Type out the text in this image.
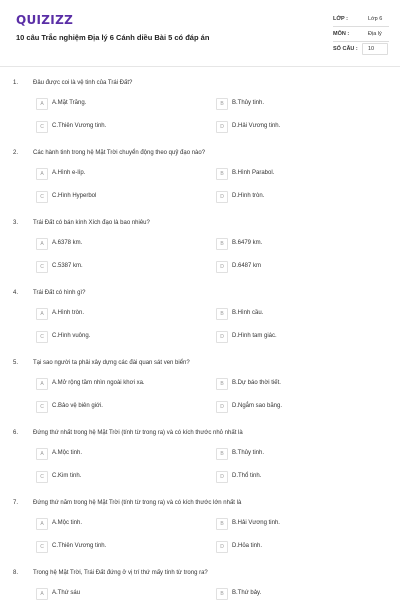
QUIZIZZ
10 câu Trắc nghiệm Địa lý 6 Cánh diều Bài 5 có đáp án
LỚP :	Lớp 6
MÔN :	Địa lý
SỐ CÂU : 10
1. Đâu được coi là vệ tinh của Trái Đất?
A	A.Mặt Trăng.	B	B.Thủy tinh.
C	C.Thiên Vương tinh.	D	D.Hải Vương tinh.
2. Các hành tinh trong hệ Mặt Trời chuyển động theo quỹ đạo nào?
A	A.Hình e-líp.	B	B.Hình Parabol.
C	C.Hình Hyperbol	D	D.Hình tròn.
3. Trái Đất có bán kính Xích đạo là bao nhiêu?
A	A.6378 km.	B	B.6479 km.
C	C.5387 km.	D	D.6487 km
4. Trái Đất có hình gì?
A	A.Hình tròn.	B	B.Hình cầu.
C	C.Hình vuông.	D	D.Hình tam giác.
5. Tại sao người ta phải xây dựng các đài quan sát ven biển?
A	A.Mở rộng tầm nhìn ngoài khơi xa.	B	B.Dự báo thời tiết.
C	C.Bảo vệ biên giới.	D	D.Ngắm sao băng.
6. Đứng thứ nhất trong hệ Mặt Trời (tính từ trong ra) và có kích thước nhỏ nhất là
A	A.Mộc tinh.	B	B.Thủy tinh.
C	C.Kim tinh.	D	D.Thổ tinh.
7. Đứng thứ năm trong hệ Mặt Trời (tính từ trong ra) và có kích thước lớn nhất là
A	A.Mộc tinh.	B	B.Hải Vương tinh.
C	C.Thiên Vương tinh.	D	D.Hỏa tinh.
8. Trong hệ Mặt Trời, Trái Đất đứng ở vị trí thứ mấy tính từ trong ra?
A	A.Thứ sáu	B	B.Thứ bảy.
